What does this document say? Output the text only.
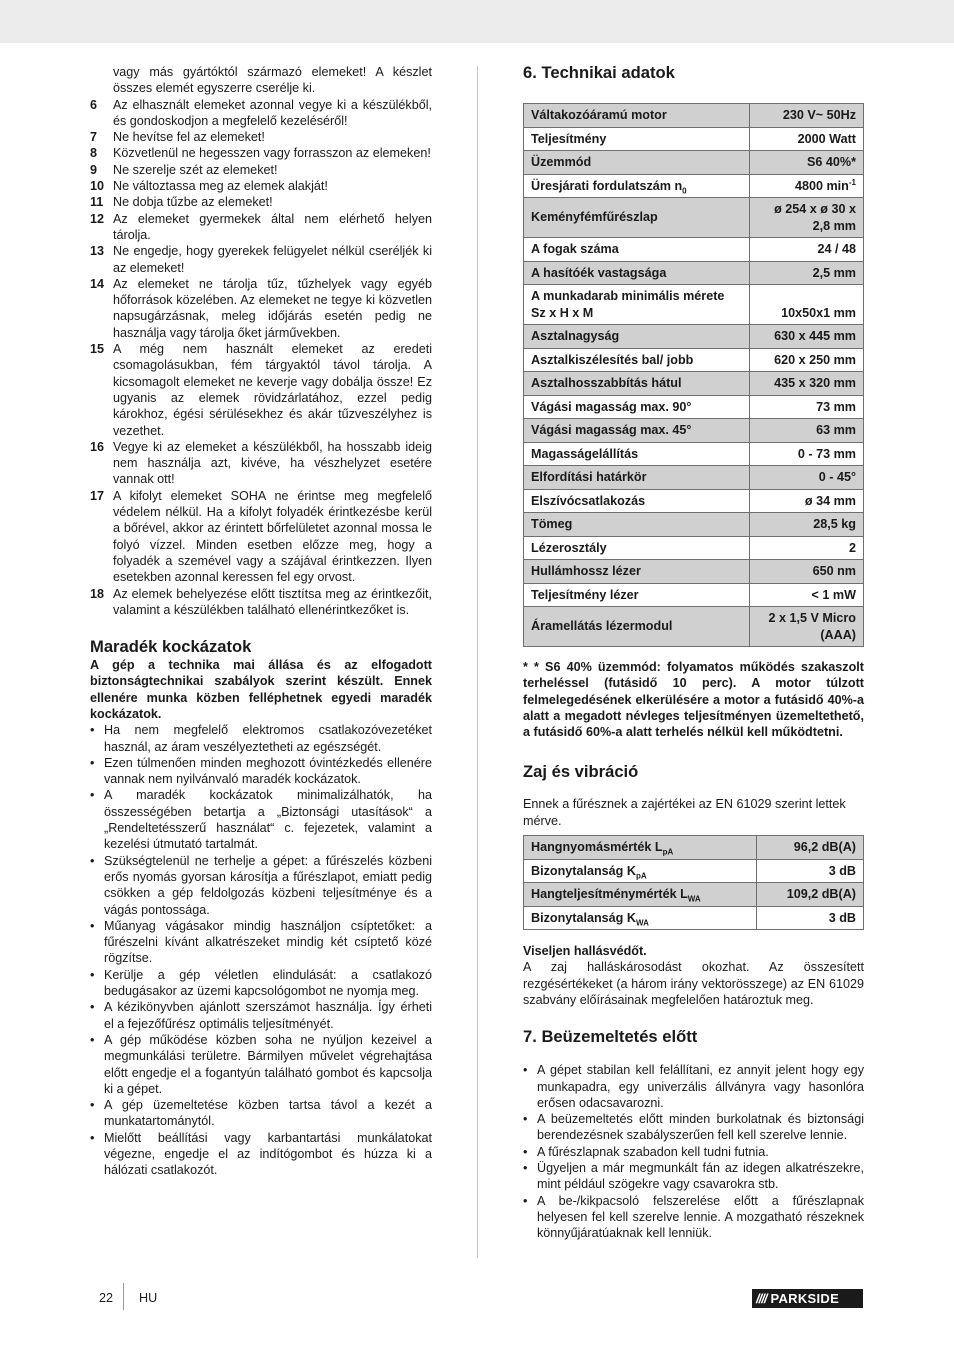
vagy más gyártóktól származó elemeket! A készlet összes elemét egyszerre cserélje ki.
6	Az elhasznált elemeket azonnal vegye ki a készülékből, és gondoskodjon a megfelelő kezeléséről!
7	Ne hevítse fel az elemeket!
8	Közvetlenül ne hegesszen vagy forrasszon az elemeken!
9	Ne szerelje szét az elemeket!
10 Ne változtassa meg az elemek alakját!
11 Ne dobja tűzbe az elemeket!
12 Az elemeket gyermekek által nem elérhető helyen tárolja.
13 Ne engedje, hogy gyerekek felügyelet nélkül cseréljék ki az elemeket!
14 Az elemeket ne tárolja tűz, tűzhelyek vagy egyéb hőforrások közelében. Az elemeket ne tegye ki közvetlen napsugárzásnak, meleg időjárás esetén pedig ne használja vagy tárolja őket járművekben.
15 A még nem használt elemeket az eredeti csomagolásukban, fém tárgyaktól távol tárolja. A kicsomagolt elemeket ne keverje vagy dobálja össze! Ez ugyanis az elemek rövidzárlatához, ezzel pedig károkhoz, égési sérülésekhez és akár tűzveszélyhez is vezethet.
16 Vegye ki az elemeket a készülékből, ha hosszabb ideig nem használja azt, kivéve, ha vészhelyzet esetére vannak ott!
17 A kifolyt elemeket SOHA ne érintse meg megfelelő védelem nélkül. Ha a kifolyt folyadék érintkezésbe kerül a bőrével, akkor az érintett bőrfelületet azonnal mossa le folyó vízzel. Minden esetben előzze meg, hogy a folyadék a szemével vagy a szájával érintkezzen. Ilyen esetekben azonnal keressen fel egy orvost.
18 Az elemek behelyezése előtt tisztítsa meg az érintkezőit, valamint a készülékben található ellenérintkezőket is.
Maradék kockázatok
A gép a technika mai állása és az elfogadott biztonságtechnikai szabályok szerint készült. Ennek ellenére munka közben felléphetnek egyedi maradék kockázatok.
• Ha nem megfelelő elektromos csatlakozóvezetéket használ, az áram veszélyeztetheti az egészségét.
• Ezen túlmenően minden meghozott óvintézkedés ellenére vannak nem nyilvánvaló maradék kockázatok.
• A maradék kockázatok minimalizálhatók, ha összességében betartja a „Biztonsági utasítások“ a „Rendeltetésszerű használat“ c. fejezetek, valamint a kezelési útmutató tartalmát.
• Szükségtelenül ne terhelje a gépet: a fűrészelés közbeni erős nyomás gyorsan károsítja a fűrészlapot, emiatt pedig csökken a gép feldolgozás közbeni teljesítménye és a vágás pontossága.
• Műanyag vágásakor mindig használjon csíptetőket: a fűrészelni kívánt alkatrészeket mindig két csíptető közé rögzítse.
• Kerülje a gép véletlen elindulását: a csatlakozó bedugásakor az üzemi kapcsológombot ne nyomja meg.
• A kézikönyvben ajánlott szerszámot használja. Így érheti el a fejezőfűrész optimális teljesítményét.
• A gép működése közben soha ne nyúljon kezeivel a megmunkálási területre. Bármilyen művelet végrehajtása előtt engedje el a fogantyún található gombot és kapcsolja ki a gépet.
• A gép üzemeltetése közben tartsa távol a kezét a munkatartománytól.
• Mielőtt beállítási vagy karbantartási munkálatokat végezne, engedje el az indítógombot és húzza ki a hálózati csatlakozót.
6. Technikai adatok
Váltakozóáramú motor	230 V~ 50Hz
Teljesítmény	2000 Watt
Üzemmód	S6 40%*
Üresjárati fordulatszám $n_0$	4800 $\min^{-1}$
Keményfémfűrészlap	ø 254 x ø 30 x 2,8 mm
A fogak száma	24 / 48
A hasítóék vastagsága	2,5 mm
A munkadarab minimális mérete Sz x H x M	10x50x1 mm
Asztalnagyság	630 x 445 mm
Asztalkiszélesítés bal/ jobb	620 x 250 mm
Asztalhosszabbítás hátul	435 x 320 mm
Vágási magasság max. 90°	73 mm
Vágási magasság max. 45°	63 mm
Magasságelállítás	0 - 73 mm
Elfordítási határkör	0 - 45°
Elszívócsatlakozás	ø 34 mm
Tömeg	28,5 kg
Lézerosztály	2
Hullámhossz lézer	650 nm
Teljesítmény lézer	< 1 mW
Áramellátás lézermodul	2 x 1,5 V Micro (AAA)
* * S6 40% üzemmód: folyamatos működés szakaszolt terheléssel (futásidő 10 perc). A motor túlzott felmelegedésének elkerülésére a motor a futásidő 40%-a alatt a megadott névleges teljesítményen üzemeltethető, a futásidő 60%-a alatt terhelés nélkül kell működtetni.
Zaj és vibráció
Ennek a fűrésznek a zajértékei az EN 61029 szerint lettek mérve.
Hangnyomásmérték $L_{pA}$	96,2 dB(A)
Bizonytalanság $K_{pA}$	3 dB
Hangteljesítménymérték $L_{WA}$	109,2 dB(A)
Bizonytalanság $K_{WA}$	3 dB
Viseljen hallásvédőt.
A zaj halláskárosodást okozhat. Az összesített rezgésértékeket (a három irány vektorösszege) az EN 61029 szabvány előírásainak megfelelően határoztuk meg.
7. Beüzemeltetés előtt
• A gépet stabilan kell felállítani, ez annyit jelent hogy egy munkapadra, egy univerzális állványra vagy hasonlóra erősen odacsavarozni.
• A beüzemeltetés előtt minden burkolatnak és biztonsági berendezésnek szabályszerűen fell kell szerelve lennie.
• A fűrészlapnak szabadon kell tudni futnia.
• Ügyeljen a már megmunkált fán az idegen alkatrészekre, mint például szögekre vagy csavarokra stb.
• A be-/kikpacsoló felszerelése előtt a fűrészlapnak helyesen fel kell szerelve lennie. A mozgatható részeknek könnyűjáratúaknak kell lenniük.
22 HU	//// PARKSIDE
